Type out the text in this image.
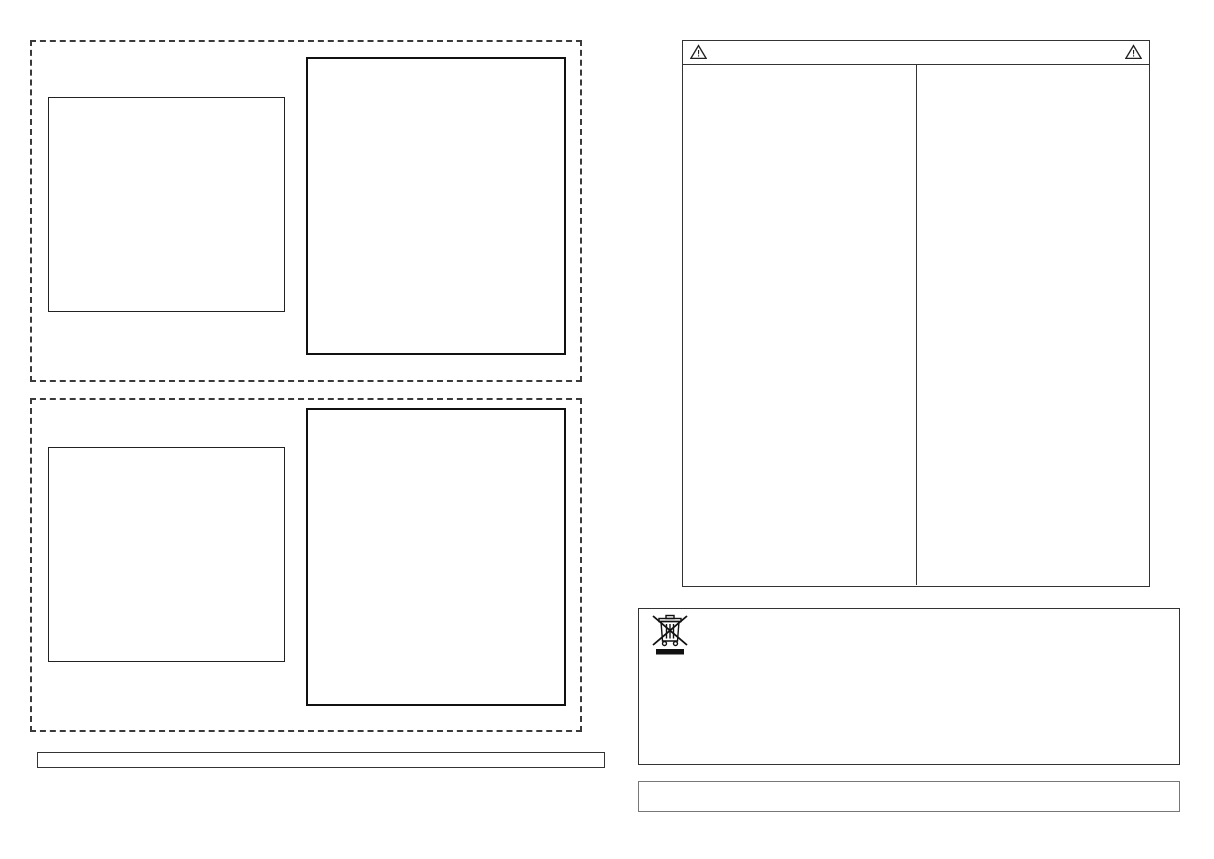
!	!
